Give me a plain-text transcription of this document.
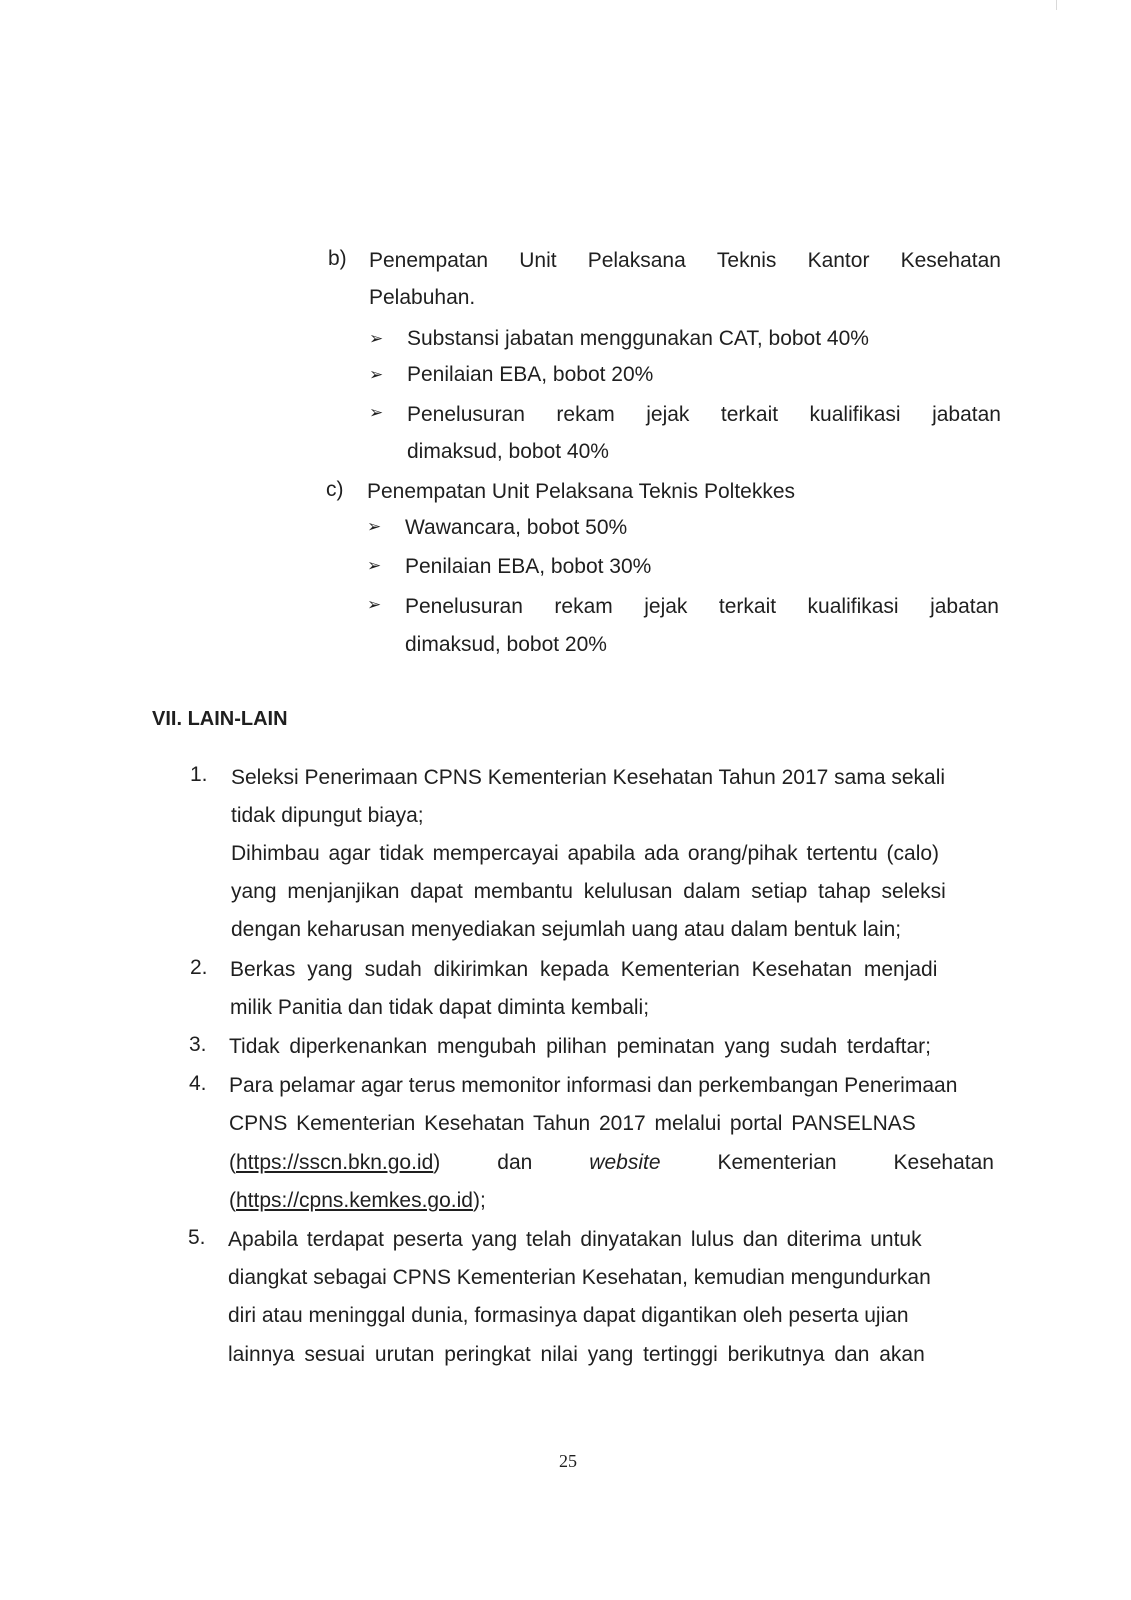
b) Penempatan Unit Pelaksana Teknis Kantor Kesehatan
Pelabuhan.
➢ Substansi jabatan menggunakan CAT, bobot 40%
➢ Penilaian EBA, bobot 20%
➢ Penelusuran rekam jejak terkait kualifikasi jabatan
dimaksud, bobot 40%
c) Penempatan Unit Pelaksana Teknis Poltekkes
➢ Wawancara, bobot 50%
➢ Penilaian EBA, bobot 30%
➢ Penelusuran rekam jejak terkait kualifikasi jabatan
dimaksud, bobot 20%
VII. LAIN-LAIN
1. Seleksi Penerimaan CPNS Kementerian Kesehatan Tahun 2017 sama sekali
tidak dipungut biaya;
Dihimbau agar tidak mempercayai apabila ada orang/pihak tertentu (calo)
yang menjanjikan dapat membantu kelulusan dalam setiap tahap seleksi
dengan keharusan menyediakan sejumlah uang atau dalam bentuk lain;
2. Berkas yang sudah dikirimkan kepada Kementerian Kesehatan menjadi
milik Panitia dan tidak dapat diminta kembali;
3. Tidak diperkenankan mengubah pilihan peminatan yang sudah terdaftar;
4. Para pelamar agar terus memonitor informasi dan perkembangan Penerimaan
CPNS Kementerian Kesehatan Tahun 2017 melalui portal PANSELNAS
(https://sscn.bkn.go.id)	dan	website	Kementerian	Kesehatan
(https://cpns.kemkes.go.id);
5. Apabila terdapat peserta yang telah dinyatakan lulus dan diterima untuk
diangkat sebagai CPNS Kementerian Kesehatan, kemudian mengundurkan
diri atau meninggal dunia, formasinya dapat digantikan oleh peserta ujian
lainnya sesuai urutan peringkat nilai yang tertinggi berikutnya dan akan
25
